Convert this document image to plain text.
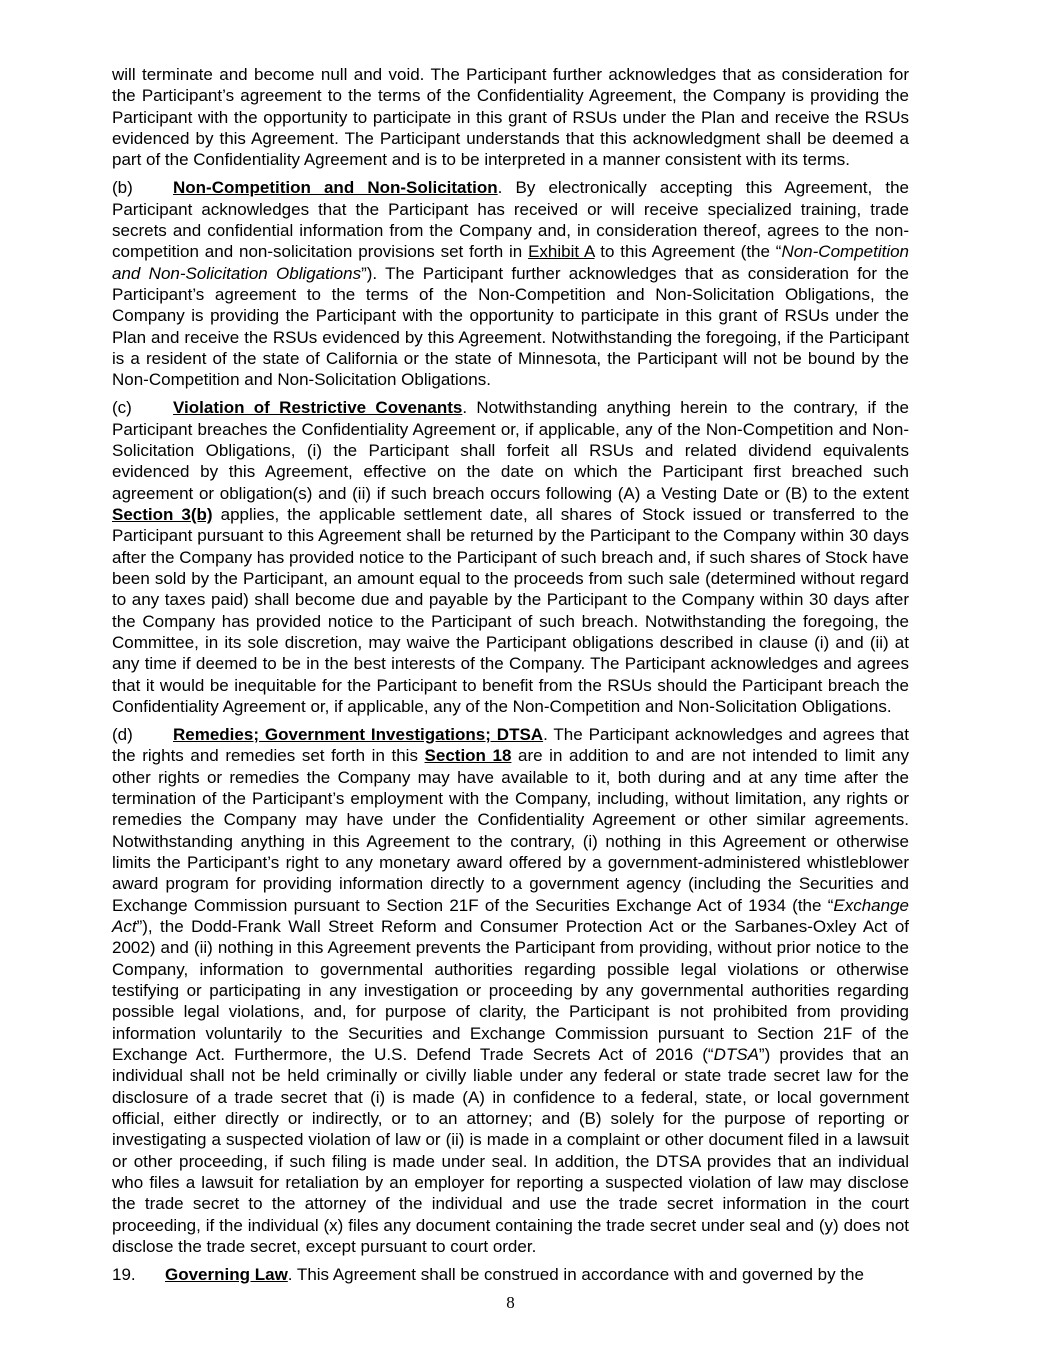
will terminate and become null and void. The Participant further acknowledges that as consideration for the Participant’s agreement to the terms of the Confidentiality Agreement, the Company is providing the Participant with the opportunity to participate in this grant of RSUs under the Plan and receive the RSUs evidenced by this Agreement. The Participant understands that this acknowledgment shall be deemed a part of the Confidentiality Agreement and is to be interpreted in a manner consistent with its terms.

(b) Non-Competition and Non-Solicitation. By electronically accepting this Agreement, the Participant acknowledges that the Participant has received or will receive specialized training, trade secrets and confidential information from the Company and, in consideration thereof, agrees to the non-competition and non-solicitation provisions set forth in Exhibit A to this Agreement (the “Non-Competition and Non-Solicitation Obligations”). The Participant further acknowledges that as consideration for the Participant’s agreement to the terms of the Non-Competition and Non-Solicitation Obligations, the Company is providing the Participant with the opportunity to participate in this grant of RSUs under the Plan and receive the RSUs evidenced by this Agreement. Notwithstanding the foregoing, if the Participant is a resident of the state of California or the state of Minnesota, the Participant will not be bound by the Non-Competition and Non-Solicitation Obligations.

(c) Violation of Restrictive Covenants. Notwithstanding anything herein to the contrary, if the Participant breaches the Confidentiality Agreement or, if applicable, any of the Non-Competition and Non-Solicitation Obligations, (i) the Participant shall forfeit all RSUs and related dividend equivalents evidenced by this Agreement, effective on the date on which the Participant first breached such agreement or obligation(s) and (ii) if such breach occurs following (A) a Vesting Date or (B) to the extent Section 3(b) applies, the applicable settlement date, all shares of Stock issued or transferred to the Participant pursuant to this Agreement shall be returned by the Participant to the Company within 30 days after the Company has provided notice to the Participant of such breach and, if such shares of Stock have been sold by the Participant, an amount equal to the proceeds from such sale (determined without regard to any taxes paid) shall become due and payable by the Participant to the Company within 30 days after the Company has provided notice to the Participant of such breach. Notwithstanding the foregoing, the Committee, in its sole discretion, may waive the Participant obligations described in clause (i) and (ii) at any time if deemed to be in the best interests of the Company. The Participant acknowledges and agrees that it would be inequitable for the Participant to benefit from the RSUs should the Participant breach the Confidentiality Agreement or, if applicable, any of the Non-Competition and Non-Solicitation Obligations.

(d) Remedies; Government Investigations; DTSA. The Participant acknowledges and agrees that the rights and remedies set forth in this Section 18 are in addition to and are not intended to limit any other rights or remedies the Company may have available to it, both during and at any time after the termination of the Participant’s employment with the Company, including, without limitation, any rights or remedies the Company may have under the Confidentiality Agreement or other similar agreements. Notwithstanding anything in this Agreement to the contrary, (i) nothing in this Agreement or otherwise limits the Participant’s right to any monetary award offered by a government-administered whistleblower award program for providing information directly to a government agency (including the Securities and Exchange Commission pursuant to Section 21F of the Securities Exchange Act of 1934 (the “Exchange Act”), the Dodd-Frank Wall Street Reform and Consumer Protection Act or the Sarbanes-Oxley Act of 2002) and (ii) nothing in this Agreement prevents the Participant from providing, without prior notice to the Company, information to governmental authorities regarding possible legal violations or otherwise testifying or participating in any investigation or proceeding by any governmental authorities regarding possible legal violations, and, for purpose of clarity, the Participant is not prohibited from providing information voluntarily to the Securities and Exchange Commission pursuant to Section 21F of the Exchange Act. Furthermore, the U.S. Defend Trade Secrets Act of 2016 (“DTSA”) provides that an individual shall not be held criminally or civilly liable under any federal or state trade secret law for the disclosure of a trade secret that (i) is made (A) in confidence to a federal, state, or local government official, either directly or indirectly, or to an attorney; and (B) solely for the purpose of reporting or investigating a suspected violation of law or (ii) is made in a complaint or other document filed in a lawsuit or other proceeding, if such filing is made under seal. In addition, the DTSA provides that an individual who files a lawsuit for retaliation by an employer for reporting a suspected violation of law may disclose the trade secret to the attorney of the individual and use the trade secret information in the court proceeding, if the individual (x) files any document containing the trade secret under seal and (y) does not disclose the trade secret, except pursuant to court order.

19. Governing Law. This Agreement shall be construed in accordance with and governed by the

8
